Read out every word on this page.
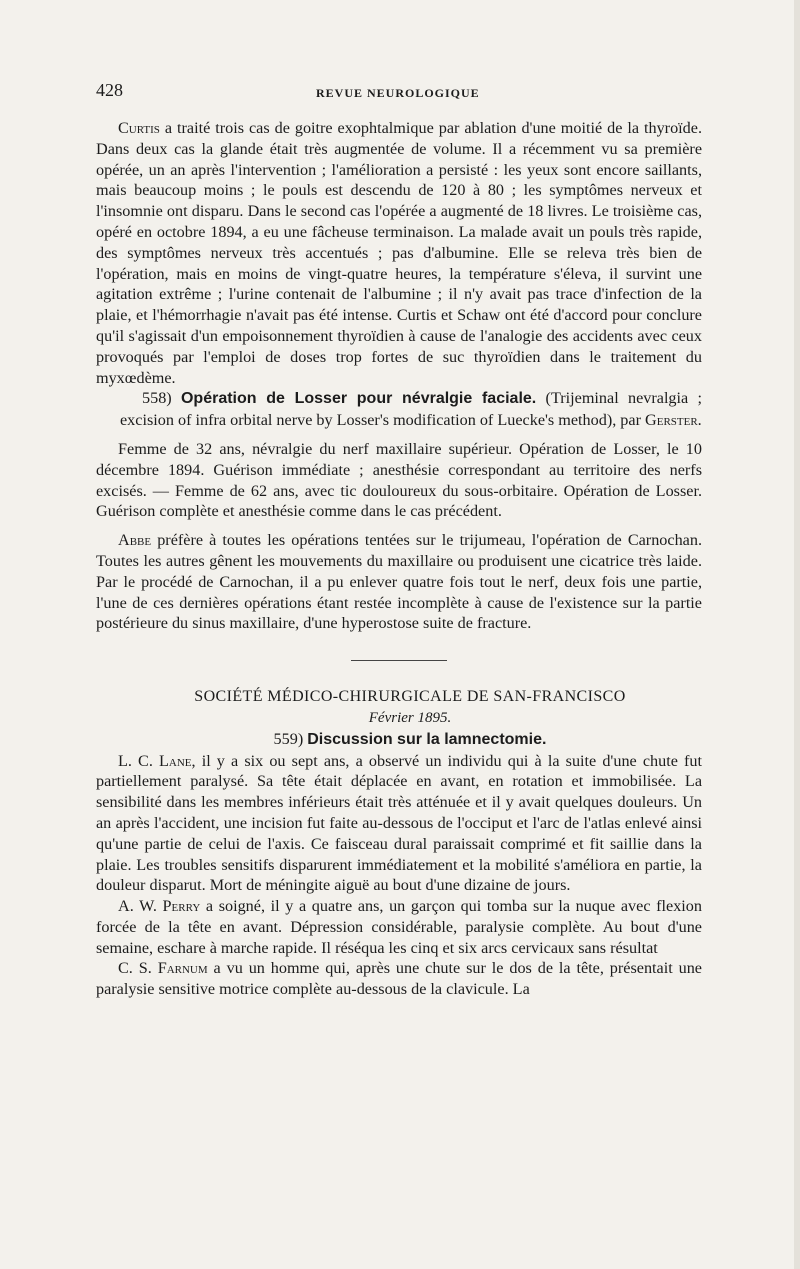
428	REVUE NEUROLOGIQUE

Curtis a traité trois cas de goitre exophtalmique par ablation d'une moitié de la thyroïde. Dans deux cas la glande était très augmentée de volume. Il a récemment vu sa première opérée, un an après l'intervention ; l'amélioration a persisté : les yeux sont encore saillants, mais beaucoup moins ; le pouls est descendu de 120 à 80 ; les symptômes nerveux et l'insomnie ont disparu. Dans le second cas l'opérée a augmenté de 18 livres. Le troisième cas, opéré en octobre 1894, a eu une fâcheuse terminaison. La malade avait un pouls très rapide, des symptômes nerveux très accentués ; pas d'albumine. Elle se releva très bien de l'opération, mais en moins de vingt-quatre heures, la température s'éleva, il survint une agitation extrême ; l'urine contenait de l'albumine ; il n'y avait pas trace d'infection de la plaie, et l'hémorrhagie n'avait pas été intense. Curtis et Schaw ont été d'accord pour conclure qu'il s'agissait d'un empoisonnement thyroïdien à cause de l'analogie des accidents avec ceux provoqués par l'emploi de doses trop fortes de suc thyroïdien dans le traitement du myxœdème.

558) Opération de Losser pour névralgie faciale. (Trijeminal nevralgia ; excision of infra orbital nerve by Losser's modification of Luecke's method), par Gerster.

Femme de 32 ans, névralgie du nerf maxillaire supérieur. Opération de Losser, le 10 décembre 1894. Guérison immédiate ; anesthésie correspondant au territoire des nerfs excisés. — Femme de 62 ans, avec tic douloureux du sous-orbitaire. Opération de Losser. Guérison complète et anesthésie comme dans le cas précédent.

Abbe préfère à toutes les opérations tentées sur le trijumeau, l'opération de Carnochan. Toutes les autres gênent les mouvements du maxillaire ou produisent une cicatrice très laide. Par le procédé de Carnochan, il a pu enlever quatre fois tout le nerf, deux fois une partie, l'une de ces dernières opérations étant restée incomplète à cause de l'existence sur la partie postérieure du sinus maxillaire, d'une hyperostose suite de fracture.

SOCIÉTÉ MÉDICO-CHIRURGICALE DE SAN-FRANCISCO

Février 1895.

559) Discussion sur la lamnectomie.

L. C. Lane, il y a six ou sept ans, a observé un individu qui à la suite d'une chute fut partiellement paralysé. Sa tête était déplacée en avant, en rotation et immobilisée. La sensibilité dans les membres inférieurs était très atténuée et il y avait quelques douleurs. Un an après l'accident, une incision fut faite au-dessous de l'occiput et l'arc de l'atlas enlevé ainsi qu'une partie de celui de l'axis. Ce faisceau dural paraissait comprimé et fit saillie dans la plaie. Les troubles sensitifs disparurent immédiatement et la mobilité s'améliora en partie, la douleur disparut. Mort de méningite aiguë au bout d'une dizaine de jours.

A. W. Perry a soigné, il y a quatre ans, un garçon qui tomba sur la nuque avec flexion forcée de la tête en avant. Dépression considérable, paralysie complète. Au bout d'une semaine, eschare à marche rapide. Il réséqua les cinq et six arcs cervicaux sans résultat

C. S. Farnum a vu un homme qui, après une chute sur le dos de la tête, présentait une paralysie sensitive motrice complète au-dessous de la clavicule. La
